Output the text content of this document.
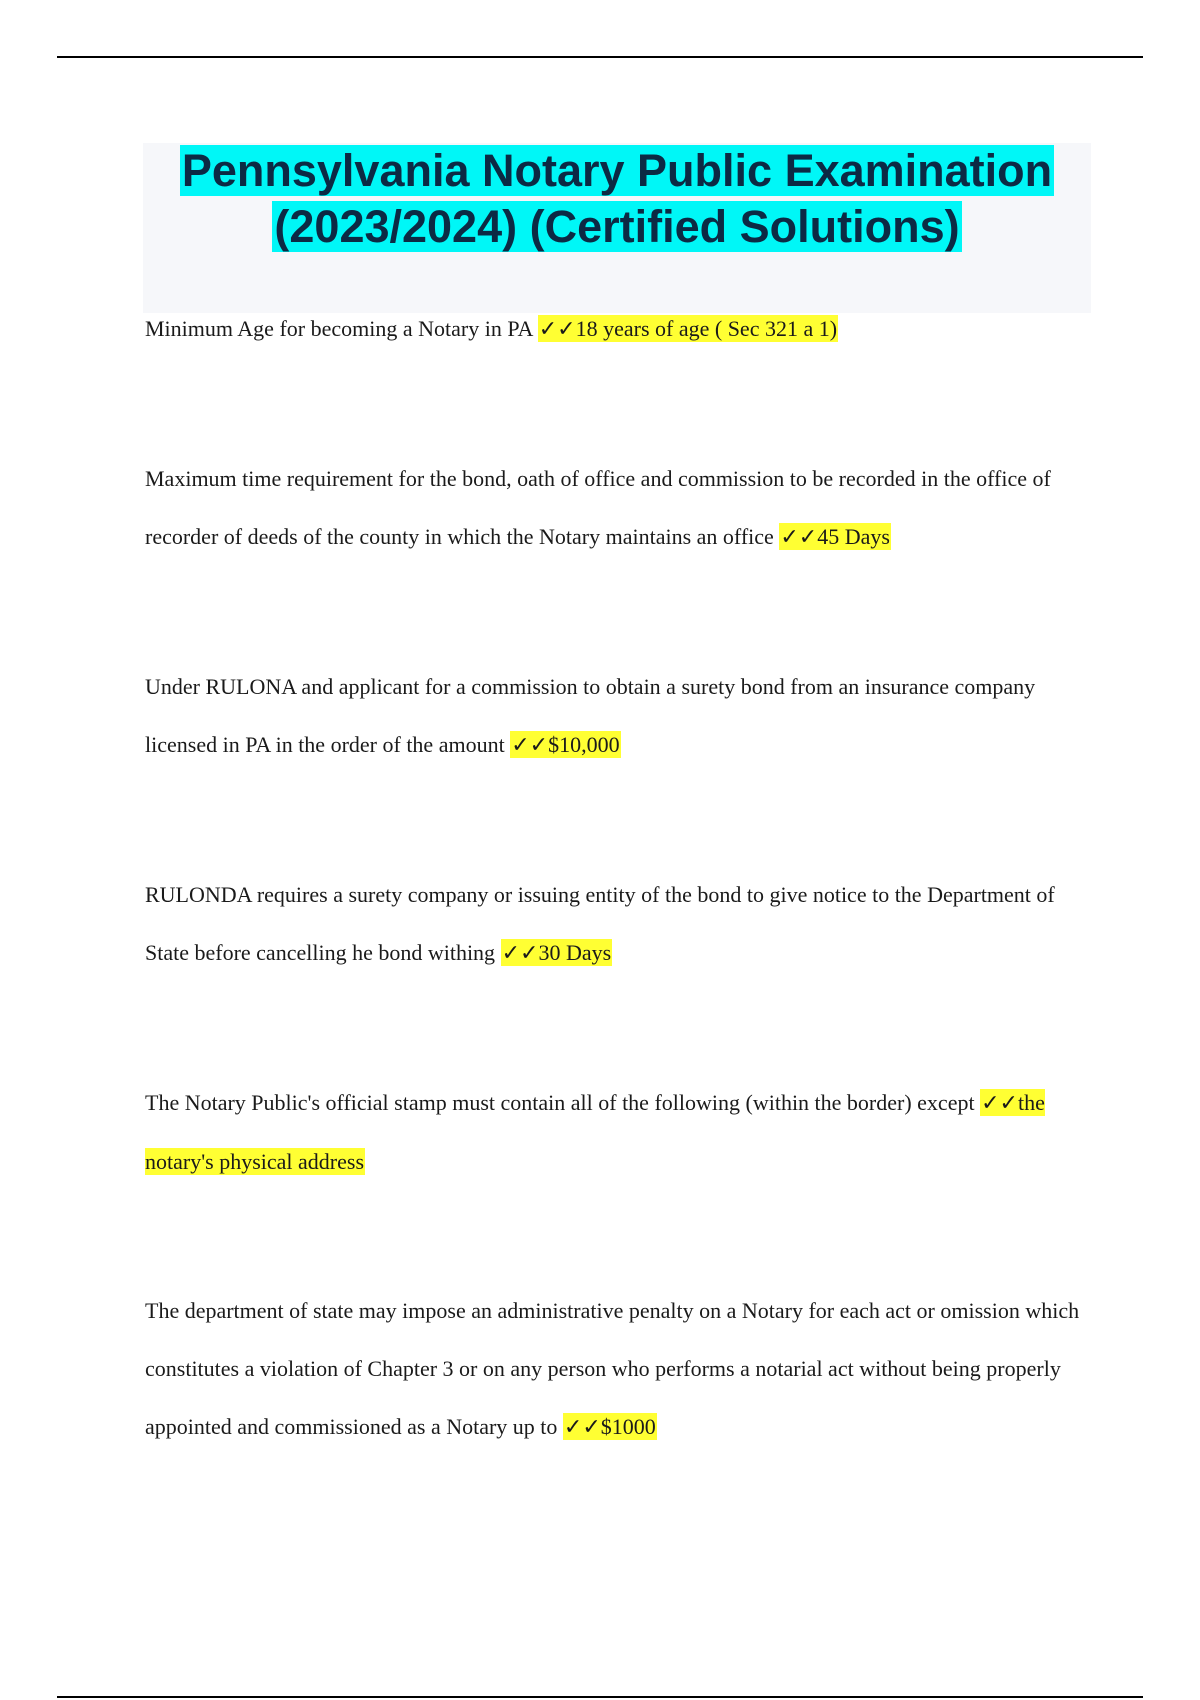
Pennsylvania Notary Public Examination

(2023/2024) (Certified Solutions)

Minimum Age for becoming a Notary in PA ✓✓18 years of age ( Sec 321 a 1)

Maximum time requirement for the bond, oath of office and commission to be recorded in the office of recorder of deeds of the county in which the Notary maintains an office ✓✓45 Days

Under RULONA and applicant for a commission to obtain a surety bond from an insurance company licensed in PA in the order of the amount ✓✓$10,000

RULONDA requires a surety company or issuing entity of the bond to give notice to the Department of State before cancelling he bond withing ✓✓30 Days

The Notary Public's official stamp must contain all of the following (within the border) except ✓✓the notary's physical address

The department of state may impose an administrative penalty on a Notary for each act or omission which constitutes a violation of Chapter 3 or on any person who performs a notarial act without being properly appointed and commissioned as a Notary up to ✓✓$1000
